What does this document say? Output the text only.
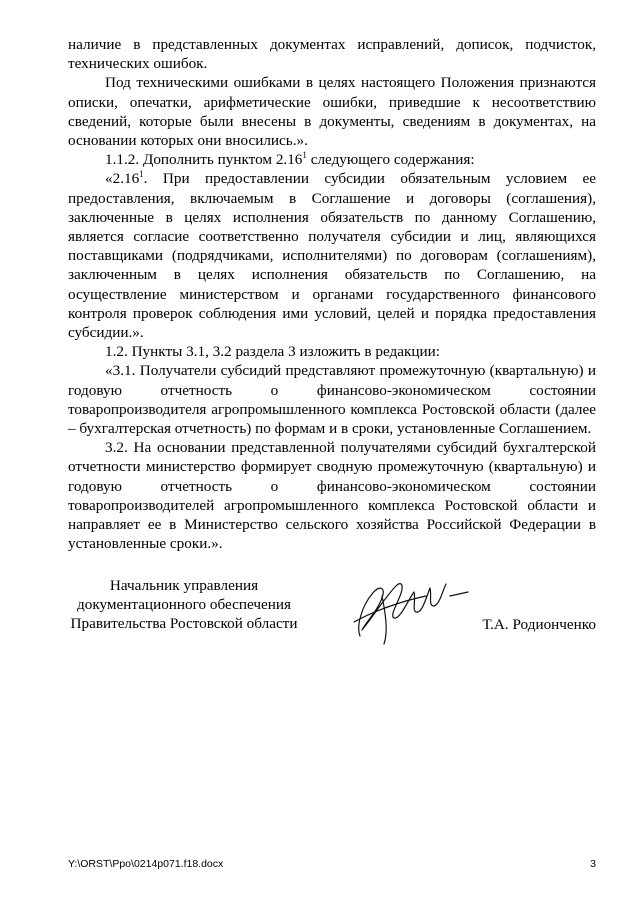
наличие в представленных документах исправлений, дописок, подчисток, технических ошибок.

Под техническими ошибками в целях настоящего Положения признаются описки, опечатки, арифметические ошибки, приведшие к несоответствию сведений, которые были внесены в документы, сведениям в документах, на основании которых они вносились.».

1.1.2. Дополнить пунктом 2.16$^1$ следующего содержания:

«2.16$^1$. При предоставлении субсидии обязательным условием ее предоставления, включаемым в Соглашение и договоры (соглашения), заключенные в целях исполнения обязательств по данному Соглашению, является согласие соответственно получателя субсидии и лиц, являющихся поставщиками (подрядчиками, исполнителями) по договорам (соглашениям), заключенным в целях исполнения обязательств по Соглашению, на осуществление министерством и органами государственного финансового контроля проверок соблюдения ими условий, целей и порядка предоставления субсидии.».

1.2. Пункты 3.1, 3.2 раздела 3 изложить в редакции:

«3.1. Получатели субсидий представляют промежуточную (квартальную) и годовую отчетность о финансово-экономическом состоянии товаропроизводителя агропромышленного комплекса Ростовской области (далее – бухгалтерская отчетность) по формам и в сроки, установленные Соглашением.

3.2. На основании представленной получателями субсидий бухгалтерской отчетности министерство формирует сводную промежуточную (квартальную) и годовую отчетность о финансово-экономическом состоянии товаропроизводителей агропромышленного комплекса Ростовской области и направляет ее в Министерство сельского хозяйства Российской Федерации в установленные сроки.».

Начальник управления
документационного обеспечения
Правительства Ростовской области	Т.А. Родионченко
Y:\ORST\Ppo\0214p071.f18.docx	3
